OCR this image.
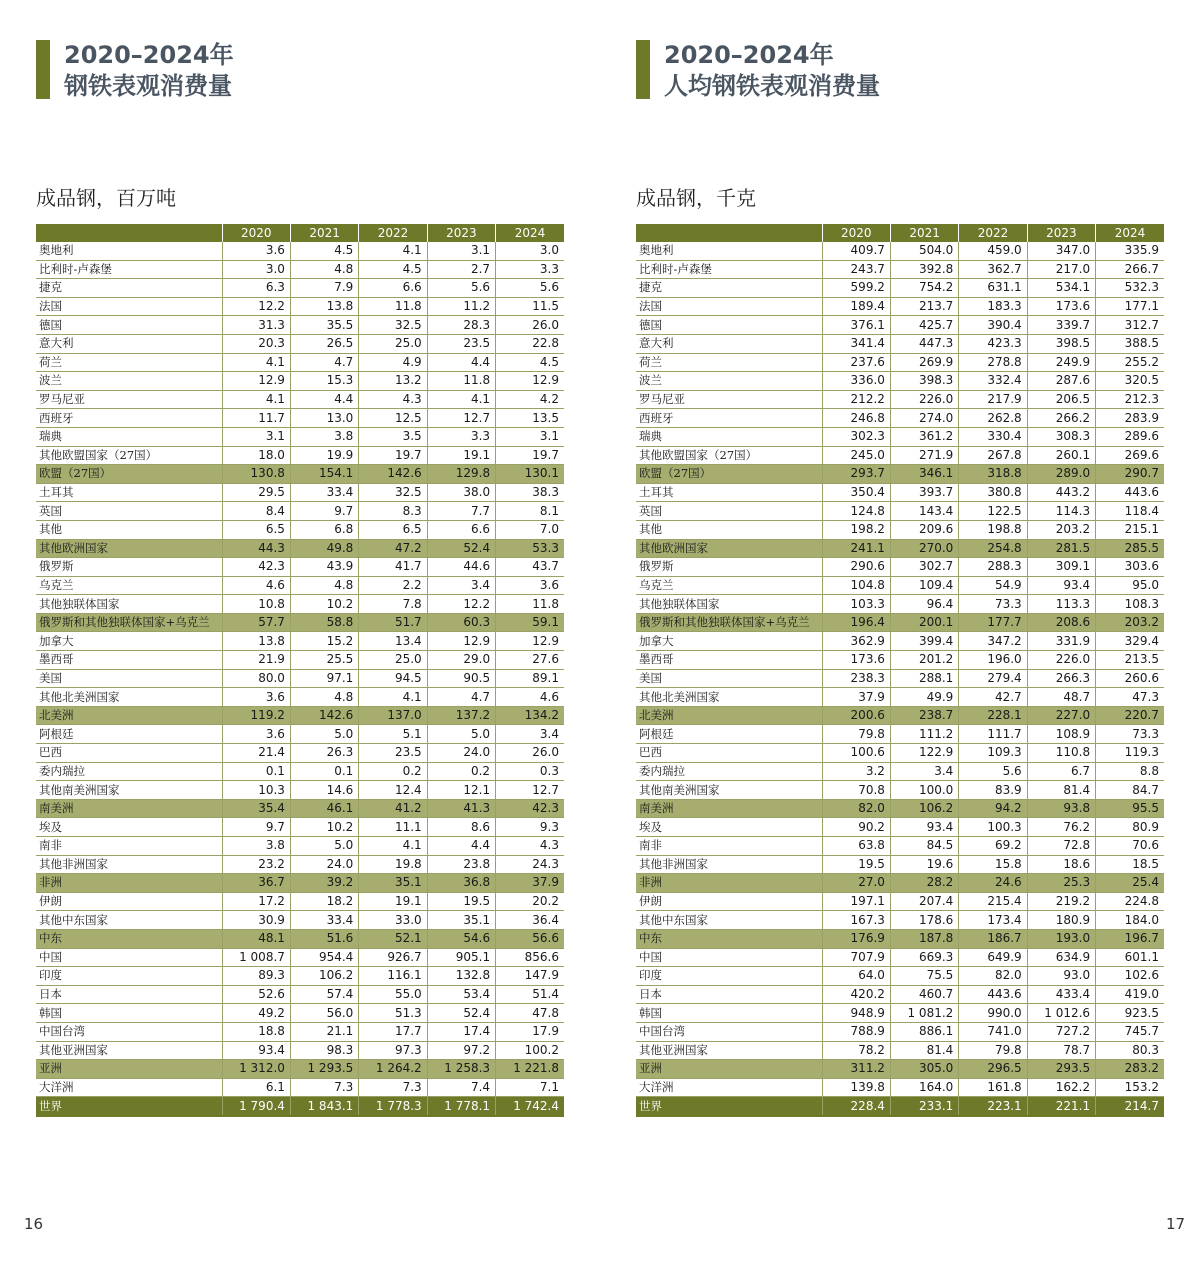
2020–2024年
钢铁表观消费量
成品钢，百万吨
	2020	2021	2022	2023	2024
奥地利	3.6	4.5	4.1	3.1	3.0
比利时-卢森堡	3.0	4.8	4.5	2.7	3.3
捷克	6.3	7.9	6.6	5.6	5.6
法国	12.2	13.8	11.8	11.2	11.5
德国	31.3	35.5	32.5	28.3	26.0
意大利	20.3	26.5	25.0	23.5	22.8
荷兰	4.1	4.7	4.9	4.4	4.5
波兰	12.9	15.3	13.2	11.8	12.9
罗马尼亚	4.1	4.4	4.3	4.1	4.2
西班牙	11.7	13.0	12.5	12.7	13.5
瑞典	3.1	3.8	3.5	3.3	3.1
其他欧盟国家（27国）	18.0	19.9	19.7	19.1	19.7
欧盟（27国）	130.8	154.1	142.6	129.8	130.1
土耳其	29.5	33.4	32.5	38.0	38.3
英国	8.4	9.7	8.3	7.7	8.1
其他	6.5	6.8	6.5	6.6	7.0
其他欧洲国家	44.3	49.8	47.2	52.4	53.3
俄罗斯	42.3	43.9	41.7	44.6	43.7
乌克兰	4.6	4.8	2.2	3.4	3.6
其他独联体国家	10.8	10.2	7.8	12.2	11.8
俄罗斯和其他独联体国家+乌克兰	57.7	58.8	51.7	60.3	59.1
加拿大	13.8	15.2	13.4	12.9	12.9
墨西哥	21.9	25.5	25.0	29.0	27.6
美国	80.0	97.1	94.5	90.5	89.1
其他北美洲国家	3.6	4.8	4.1	4.7	4.6
北美洲	119.2	142.6	137.0	137.2	134.2
阿根廷	3.6	5.0	5.1	5.0	3.4
巴西	21.4	26.3	23.5	24.0	26.0
委内瑞拉	0.1	0.1	0.2	0.2	0.3
其他南美洲国家	10.3	14.6	12.4	12.1	12.7
南美洲	35.4	46.1	41.2	41.3	42.3
埃及	9.7	10.2	11.1	8.6	9.3
南非	3.8	5.0	4.1	4.4	4.3
其他非洲国家	23.2	24.0	19.8	23.8	24.3
非洲	36.7	39.2	35.1	36.8	37.9
伊朗	17.2	18.2	19.1	19.5	20.2
其他中东国家	30.9	33.4	33.0	35.1	36.4
中东	48.1	51.6	52.1	54.6	56.6
中国	1 008.7	954.4	926.7	905.1	856.6
印度	89.3	106.2	116.1	132.8	147.9
日本	52.6	57.4	55.0	53.4	51.4
韩国	49.2	56.0	51.3	52.4	47.8
中国台湾	18.8	21.1	17.7	17.4	17.9
其他亚洲国家	93.4	98.3	97.3	97.2	100.2
亚洲	1 312.0	1 293.5	1 264.2	1 258.3	1 221.8
大洋洲	6.1	7.3	7.3	7.4	7.1
世界	1 790.4	1 843.1	1 778.3	1 778.1	1 742.4
16
2020–2024年
人均钢铁表观消费量
成品钢，千克
	2020	2021	2022	2023	2024
奥地利	409.7	504.0	459.0	347.0	335.9
比利时-卢森堡	243.7	392.8	362.7	217.0	266.7
捷克	599.2	754.2	631.1	534.1	532.3
法国	189.4	213.7	183.3	173.6	177.1
德国	376.1	425.7	390.4	339.7	312.7
意大利	341.4	447.3	423.3	398.5	388.5
荷兰	237.6	269.9	278.8	249.9	255.2
波兰	336.0	398.3	332.4	287.6	320.5
罗马尼亚	212.2	226.0	217.9	206.5	212.3
西班牙	246.8	274.0	262.8	266.2	283.9
瑞典	302.3	361.2	330.4	308.3	289.6
其他欧盟国家（27国）	245.0	271.9	267.8	260.1	269.6
欧盟（27国）	293.7	346.1	318.8	289.0	290.7
土耳其	350.4	393.7	380.8	443.2	443.6
英国	124.8	143.4	122.5	114.3	118.4
其他	198.2	209.6	198.8	203.2	215.1
其他欧洲国家	241.1	270.0	254.8	281.5	285.5
俄罗斯	290.6	302.7	288.3	309.1	303.6
乌克兰	104.8	109.4	54.9	93.4	95.0
其他独联体国家	103.3	96.4	73.3	113.3	108.3
俄罗斯和其他独联体国家+乌克兰	196.4	200.1	177.7	208.6	203.2
加拿大	362.9	399.4	347.2	331.9	329.4
墨西哥	173.6	201.2	196.0	226.0	213.5
美国	238.3	288.1	279.4	266.3	260.6
其他北美洲国家	37.9	49.9	42.7	48.7	47.3
北美洲	200.6	238.7	228.1	227.0	220.7
阿根廷	79.8	111.2	111.7	108.9	73.3
巴西	100.6	122.9	109.3	110.8	119.3
委内瑞拉	3.2	3.4	5.6	6.7	8.8
其他南美洲国家	70.8	100.0	83.9	81.4	84.7
南美洲	82.0	106.2	94.2	93.8	95.5
埃及	90.2	93.4	100.3	76.2	80.9
南非	63.8	84.5	69.2	72.8	70.6
其他非洲国家	19.5	19.6	15.8	18.6	18.5
非洲	27.0	28.2	24.6	25.3	25.4
伊朗	197.1	207.4	215.4	219.2	224.8
其他中东国家	167.3	178.6	173.4	180.9	184.0
中东	176.9	187.8	186.7	193.0	196.7
中国	707.9	669.3	649.9	634.9	601.1
印度	64.0	75.5	82.0	93.0	102.6
日本	420.2	460.7	443.6	433.4	419.0
韩国	948.9	1 081.2	990.0	1 012.6	923.5
中国台湾	788.9	886.1	741.0	727.2	745.7
其他亚洲国家	78.2	81.4	79.8	78.7	80.3
亚洲	311.2	305.0	296.5	293.5	283.2
大洋洲	139.8	164.0	161.8	162.2	153.2
世界	228.4	233.1	223.1	221.1	214.7
17
